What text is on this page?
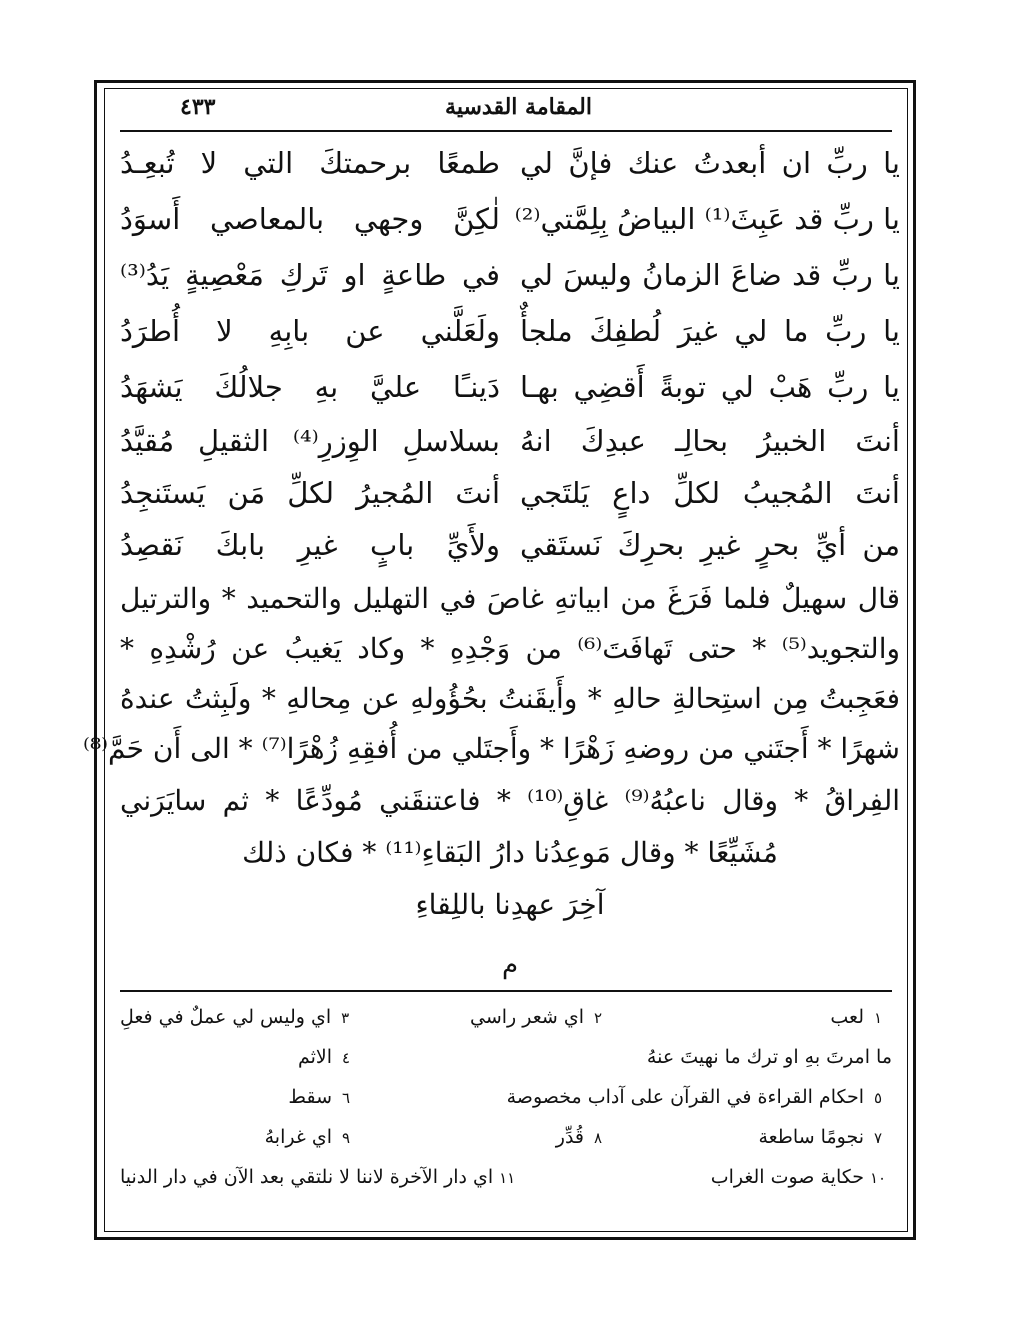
المقامة القدسية
٤٣٣
يا ربِّ ان أبعدتُ عنك فإنَّ لي
طمعًا برحمتكَ التي لا تُبعِـدُ
يا ربِّ قد عَبِثَ⁽¹⁾ البياضُ بِلِمَّتي⁽²⁾
لٰكِنَّ وجهي بالمعاصي أَسوَدُ
يا ربِّ قد ضاعَ الزمانُ وليسَ لي
في طاعةٍ او تَركِ مَعْصِيةٍ يَدُ⁽³⁾
يا ربِّ ما لي غيرَ لُطفِكَ ملجأٌ
ولَعَلَّني عن بابِهِ لا أُطرَدُ
يا ربِّ هَبْ لي توبةً أَقضِي بهـا
دَينـًا عليَّ بهِ جلالُكَ يَشهَدُ
أنتَ الخبيرُ بحالِـ عبدِكَ انهُ
بسلاسلِ الوِزرِ⁽⁴⁾ الثقيلِ مُقيَّدُ
أنتَ المُجيبُ لكلِّ داعٍ يَلتَجي
أنتَ المُجيرُ لكلِّ مَن يَستَنجِدُ
من أيِّ بحرٍ غيرِ بحرِكَ نَستَقي
ولأَيِّ بابٍ غيرِ بابكَ نَقصِدُ
قال سهيلٌ فلما فَرَغَ من ابياتهِ غاصَ في التهليل والتحميد * والترتيل
والتجويد⁽⁵⁾ * حتى تَهافَتَ⁽⁶⁾ من وَجْدِهِ * وكاد يَغيبُ عن رُشْدِهِ *
فعَجِبتُ مِن استِحالةِ حالهِ * وأَيقَنتُ بحُؤُولهِ عن مِحالهِ * ولَبِثتُ عندهُ
شهرًا * أَجتَني من روضهِ زَهْرًا * وأَجتَلي من أُفقِهِ زُهْرًا⁽⁷⁾ * الى أَن حَمَّ⁽⁸⁾
الفِراقُ * وقال ناعبُهُ⁽⁹⁾ غاقِ⁽¹⁰⁾ * فاعتنقَني مُودِّعًا * ثم سايَرَني
مُشَيِّعًا * وقال مَوعِدُنا دارُ البَقاءِ⁽¹¹⁾ * فكان ذلك
آخِرَ عهدِنا باللِقاءِ
م
١لعب
٢اي شعر راسي
٣اي وليس لي عملٌ في فعلِ
ما امرتَ بهِ او ترك ما نهيتَ عنهُ
٤الاثم
٥احكام القراءة في القرآن على آداب مخصوصة
٦سقط
٧نجومًا ساطعة
٨قُدِّر
٩اي غرابهُ
١٠حكاية صوت الغراب
١١اي دار الآخرة لاننا لا نلتقي بعد الآن في دار الدنيا
